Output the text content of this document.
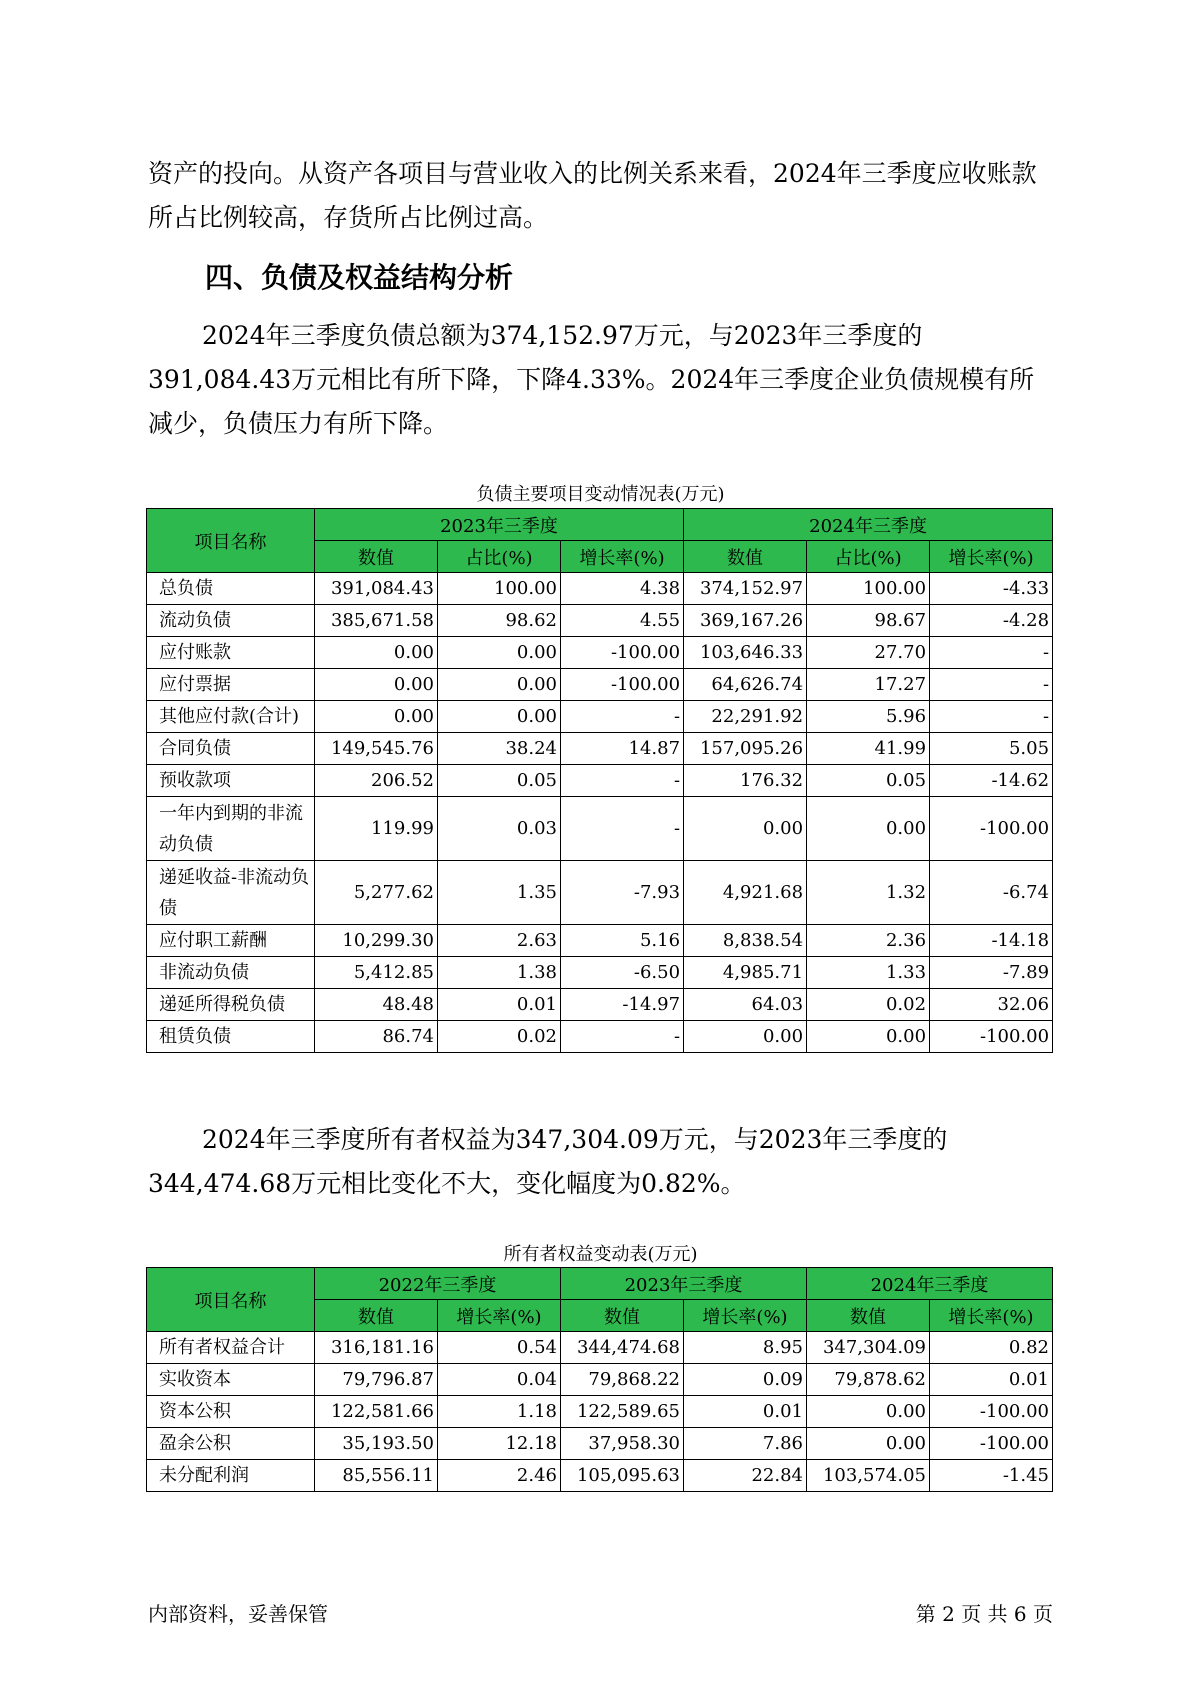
资产的投向。从资产各项目与营业收入的比例关系来看，2024年三季度应收账款所占比例较高，存货所占比例过高。

四、负债及权益结构分析

2024年三季度负债总额为374,152.97万元，与2023年三季度的391,084.43万元相比有所下降，下降4.33%。2024年三季度企业负债规模有所减少，负债压力有所下降。

负债主要项目变动情况表(万元)

项目名称	2023年三季度			2024年三季度		
	数值	占比(%)	增长率(%)	数值	占比(%)	增长率(%)
总负债	391,084.43	100.00	4.38	374,152.97	100.00	-4.33
流动负债	385,671.58	98.62	4.55	369,167.26	98.67	-4.28
应付账款	0.00	0.00	-100.00	103,646.33	27.70	-
应付票据	0.00	0.00	-100.00	64,626.74	17.27	-
其他应付款(合计)	0.00	0.00	-	22,291.92	5.96	-
合同负债	149,545.76	38.24	14.87	157,095.26	41.99	5.05
预收款项	206.52	0.05	-	176.32	0.05	-14.62
一年内到期的非流动负债	119.99	0.03	-	0.00	0.00	-100.00
递延收益-非流动负债	5,277.62	1.35	-7.93	4,921.68	1.32	-6.74
应付职工薪酬	10,299.30	2.63	5.16	8,838.54	2.36	-14.18
非流动负债	5,412.85	1.38	-6.50	4,985.71	1.33	-7.89
递延所得税负债	48.48	0.01	-14.97	64.03	0.02	32.06
租赁负债	86.74	0.02	-	0.00	0.00	-100.00

2024年三季度所有者权益为347,304.09万元，与2023年三季度的344,474.68万元相比变化不大，变化幅度为0.82%。

所有者权益变动表(万元)

项目名称	2022年三季度		2023年三季度		2024年三季度	
	数值	增长率(%)	数值	增长率(%)	数值	增长率(%)
所有者权益合计	316,181.16	0.54	344,474.68	8.95	347,304.09	0.82
实收资本	79,796.87	0.04	79,868.22	0.09	79,878.62	0.01
资本公积	122,581.66	1.18	122,589.65	0.01	0.00	-100.00
盈余公积	35,193.50	12.18	37,958.30	7.86	0.00	-100.00
未分配利润	85,556.11	2.46	105,095.63	22.84	103,574.05	-1.45

内部资料，妥善保管	第 2 页 共 6 页
